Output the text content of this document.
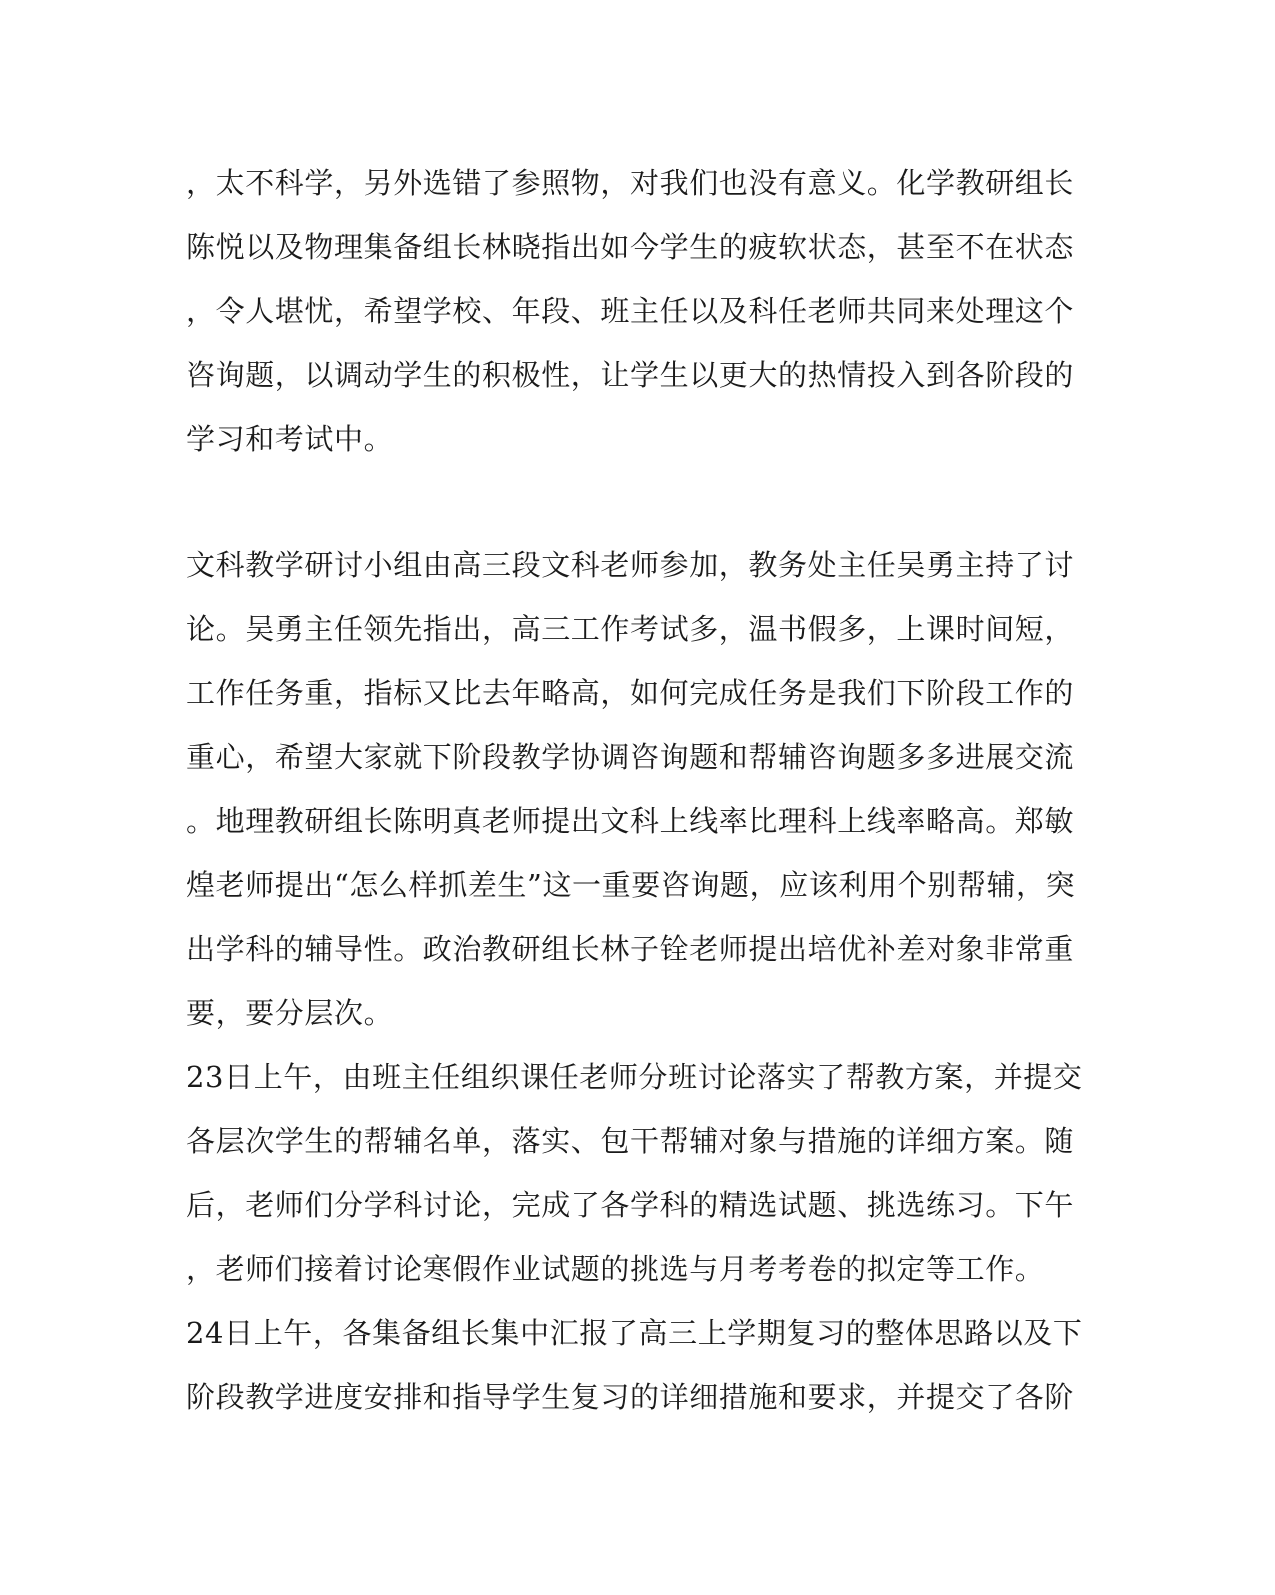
，太不科学，另外选错了参照物，对我们也没有意义。化学教研组长
陈悦以及物理集备组长林晓指出如今学生的疲软状态，甚至不在状态
，令人堪忧，希望学校、年段、班主任以及科任老师共同来处理这个
咨询题，以调动学生的积极性，让学生以更大的热情投入到各阶段的
学习和考试中。
文科教学研讨小组由高三段文科老师参加，教务处主任吴勇主持了讨
论。吴勇主任领先指出，高三工作考试多，温书假多，上课时间短，
工作任务重，指标又比去年略高，如何完成任务是我们下阶段工作的
重心，希望大家就下阶段教学协调咨询题和帮辅咨询题多多进展交流
。地理教研组长陈明真老师提出文科上线率比理科上线率略高。郑敏
煌老师提出“怎么样抓差生”这一重要咨询题，应该利用个别帮辅，突
出学科的辅导性。政治教研组长林子铨老师提出培优补差对象非常重
要，要分层次。
23日上午，由班主任组织课任老师分班讨论落实了帮教方案，并提交
各层次学生的帮辅名单，落实、包干帮辅对象与措施的详细方案。随
后，老师们分学科讨论，完成了各学科的精选试题、挑选练习。下午
，老师们接着讨论寒假作业试题的挑选与月考考卷的拟定等工作。
24日上午，各集备组长集中汇报了高三上学期复习的整体思路以及下
阶段教学进度安排和指导学生复习的详细措施和要求，并提交了各阶
